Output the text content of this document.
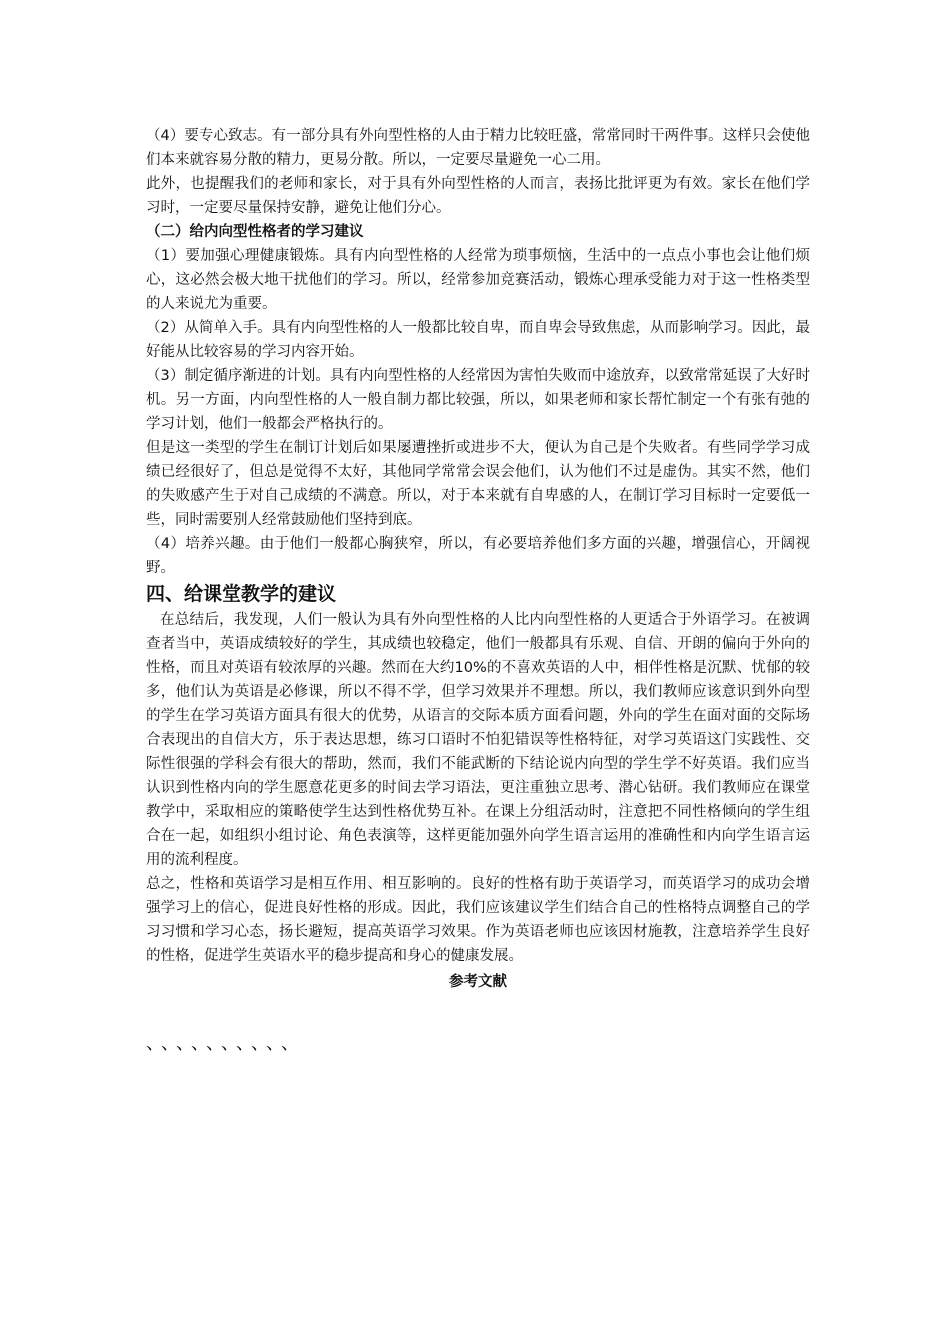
（4）要专心致志。有一部分具有外向型性格的人由于精力比较旺盛，常常同时干两件事。这样只会使他们本来就容易分散的精力，更易分散。所以，一定要尽量避免一心二用。

此外，也提醒我们的老师和家长，对于具有外向型性格的人而言，表扬比批评更为有效。家长在他们学习时，一定要尽量保持安静，避免让他们分心。

（二）给内向型性格者的学习建议

（1）要加强心理健康锻炼。具有内向型性格的人经常为琐事烦恼，生活中的一点点小事也会让他们烦心，这必然会极大地干扰他们的学习。所以，经常参加竞赛活动，锻炼心理承受能力对于这一性格类型的人来说尤为重要。

（2）从简单入手。具有内向型性格的人一般都比较自卑，而自卑会导致焦虑，从而影响学习。因此，最好能从比较容易的学习内容开始。

（3）制定循序渐进的计划。具有内向型性格的人经常因为害怕失败而中途放弃，以致常常延误了大好时机。另一方面，内向型性格的人一般自制力都比较强，所以，如果老师和家长帮忙制定一个有张有弛的学习计划，他们一般都会严格执行的。

但是这一类型的学生在制订计划后如果屡遭挫折或进步不大，便认为自己是个失败者。有些同学学习成绩已经很好了，但总是觉得不太好，其他同学常常会误会他们，认为他们不过是虚伪。其实不然，他们的失败感产生于对自己成绩的不满意。所以，对于本来就有自卑感的人，在制订学习目标时一定要低一些，同时需要别人经常鼓励他们坚持到底。

（4）培养兴趣。由于他们一般都心胸狭窄，所以，有必要培养他们多方面的兴趣，增强信心，开阔视野。

四、给课堂教学的建议

在总结后，我发现，人们一般认为具有外向型性格的人比内向型性格的人更适合于外语学习。在被调查者当中，英语成绩较好的学生，其成绩也较稳定，他们一般都具有乐观、自信、开朗的偏向于外向的性格，而且对英语有较浓厚的兴趣。然而在大约10%的不喜欢英语的人中，相伴性格是沉默、忧郁的较多，他们认为英语是必修课，所以不得不学，但学习效果并不理想。所以，我们教师应该意识到外向型的学生在学习英语方面具有很大的优势，从语言的交际本质方面看问题，外向的学生在面对面的交际场合表现出的自信大方，乐于表达思想，练习口语时不怕犯错误等性格特征，对学习英语这门实践性、交际性很强的学科会有很大的帮助，然而，我们不能武断的下结论说内向型的学生学不好英语。我们应当认识到性格内向的学生愿意花更多的时间去学习语法，更注重独立思考、潜心钻研。我们教师应在课堂教学中，采取相应的策略使学生达到性格优势互补。在课上分组活动时，注意把不同性格倾向的学生组合在一起，如组织小组讨论、角色表演等，这样更能加强外向学生语言运用的准确性和内向学生语言运用的流利程度。

总之，性格和英语学习是相互作用、相互影响的。良好的性格有助于英语学习，而英语学习的成功会增强学习上的信心，促进良好性格的形成。因此，我们应该建议学生们结合自己的性格特点调整自己的学习习惯和学习心态，扬长避短，提高英语学习效果。作为英语老师也应该因材施教，注意培养学生良好的性格，促进学生英语水平的稳步提高和身心的健康发展。

参考文献
、、、、、、、、、、
